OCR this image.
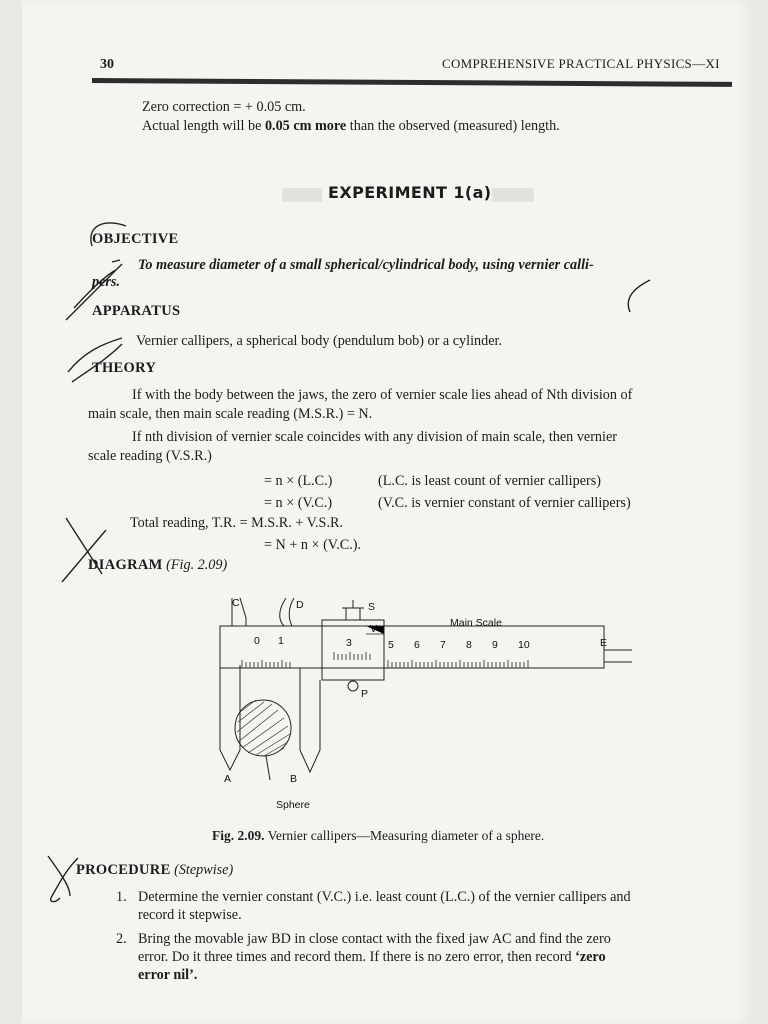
30	COMPREHENSIVE PRACTICAL PHYSICS—XI
Zero correction = + 0.05 cm.
Actual length will be 0.05 cm more than the observed (measured) length.
EXPERIMENT 1(a)
OBJECTIVE
To measure diameter of a small spherical/cylindrical body, using vernier calli-
pers.
APPARATUS
Vernier callipers, a spherical body (pendulum bob) or a cylinder.
THEORY
If with the body between the jaws, the zero of vernier scale lies ahead of Nth division of
main scale, then main scale reading (M.S.R.) = N.
If nth division of vernier scale coincides with any division of main scale, then vernier
scale reading (V.S.R.)
= n × (L.C.)	(L.C. is least count of vernier callipers)
= n × (V.C.)	(V.C. is vernier constant of vernier callipers)
Total reading, T.R. = M.S.R. + V.S.R.
= N + n × (V.C.).
DIAGRAM (Fig. 2.09)
C	D	S
V
E
P
A	B
Main Scale
Sphere
0 1	5 6 7 8 9 10
3
Fig. 2.09. Vernier callipers—Measuring diameter of a sphere.
PROCEDURE (Stepwise)
1. Determine the vernier constant (V.C.) i.e. least count (L.C.) of the vernier callipers and
record it stepwise.
2. Bring the movable jaw BD in close contact with the fixed jaw AC and find the zero
error. Do it three times and record them. If there is no zero error, then record ‘zero
error nil’.
